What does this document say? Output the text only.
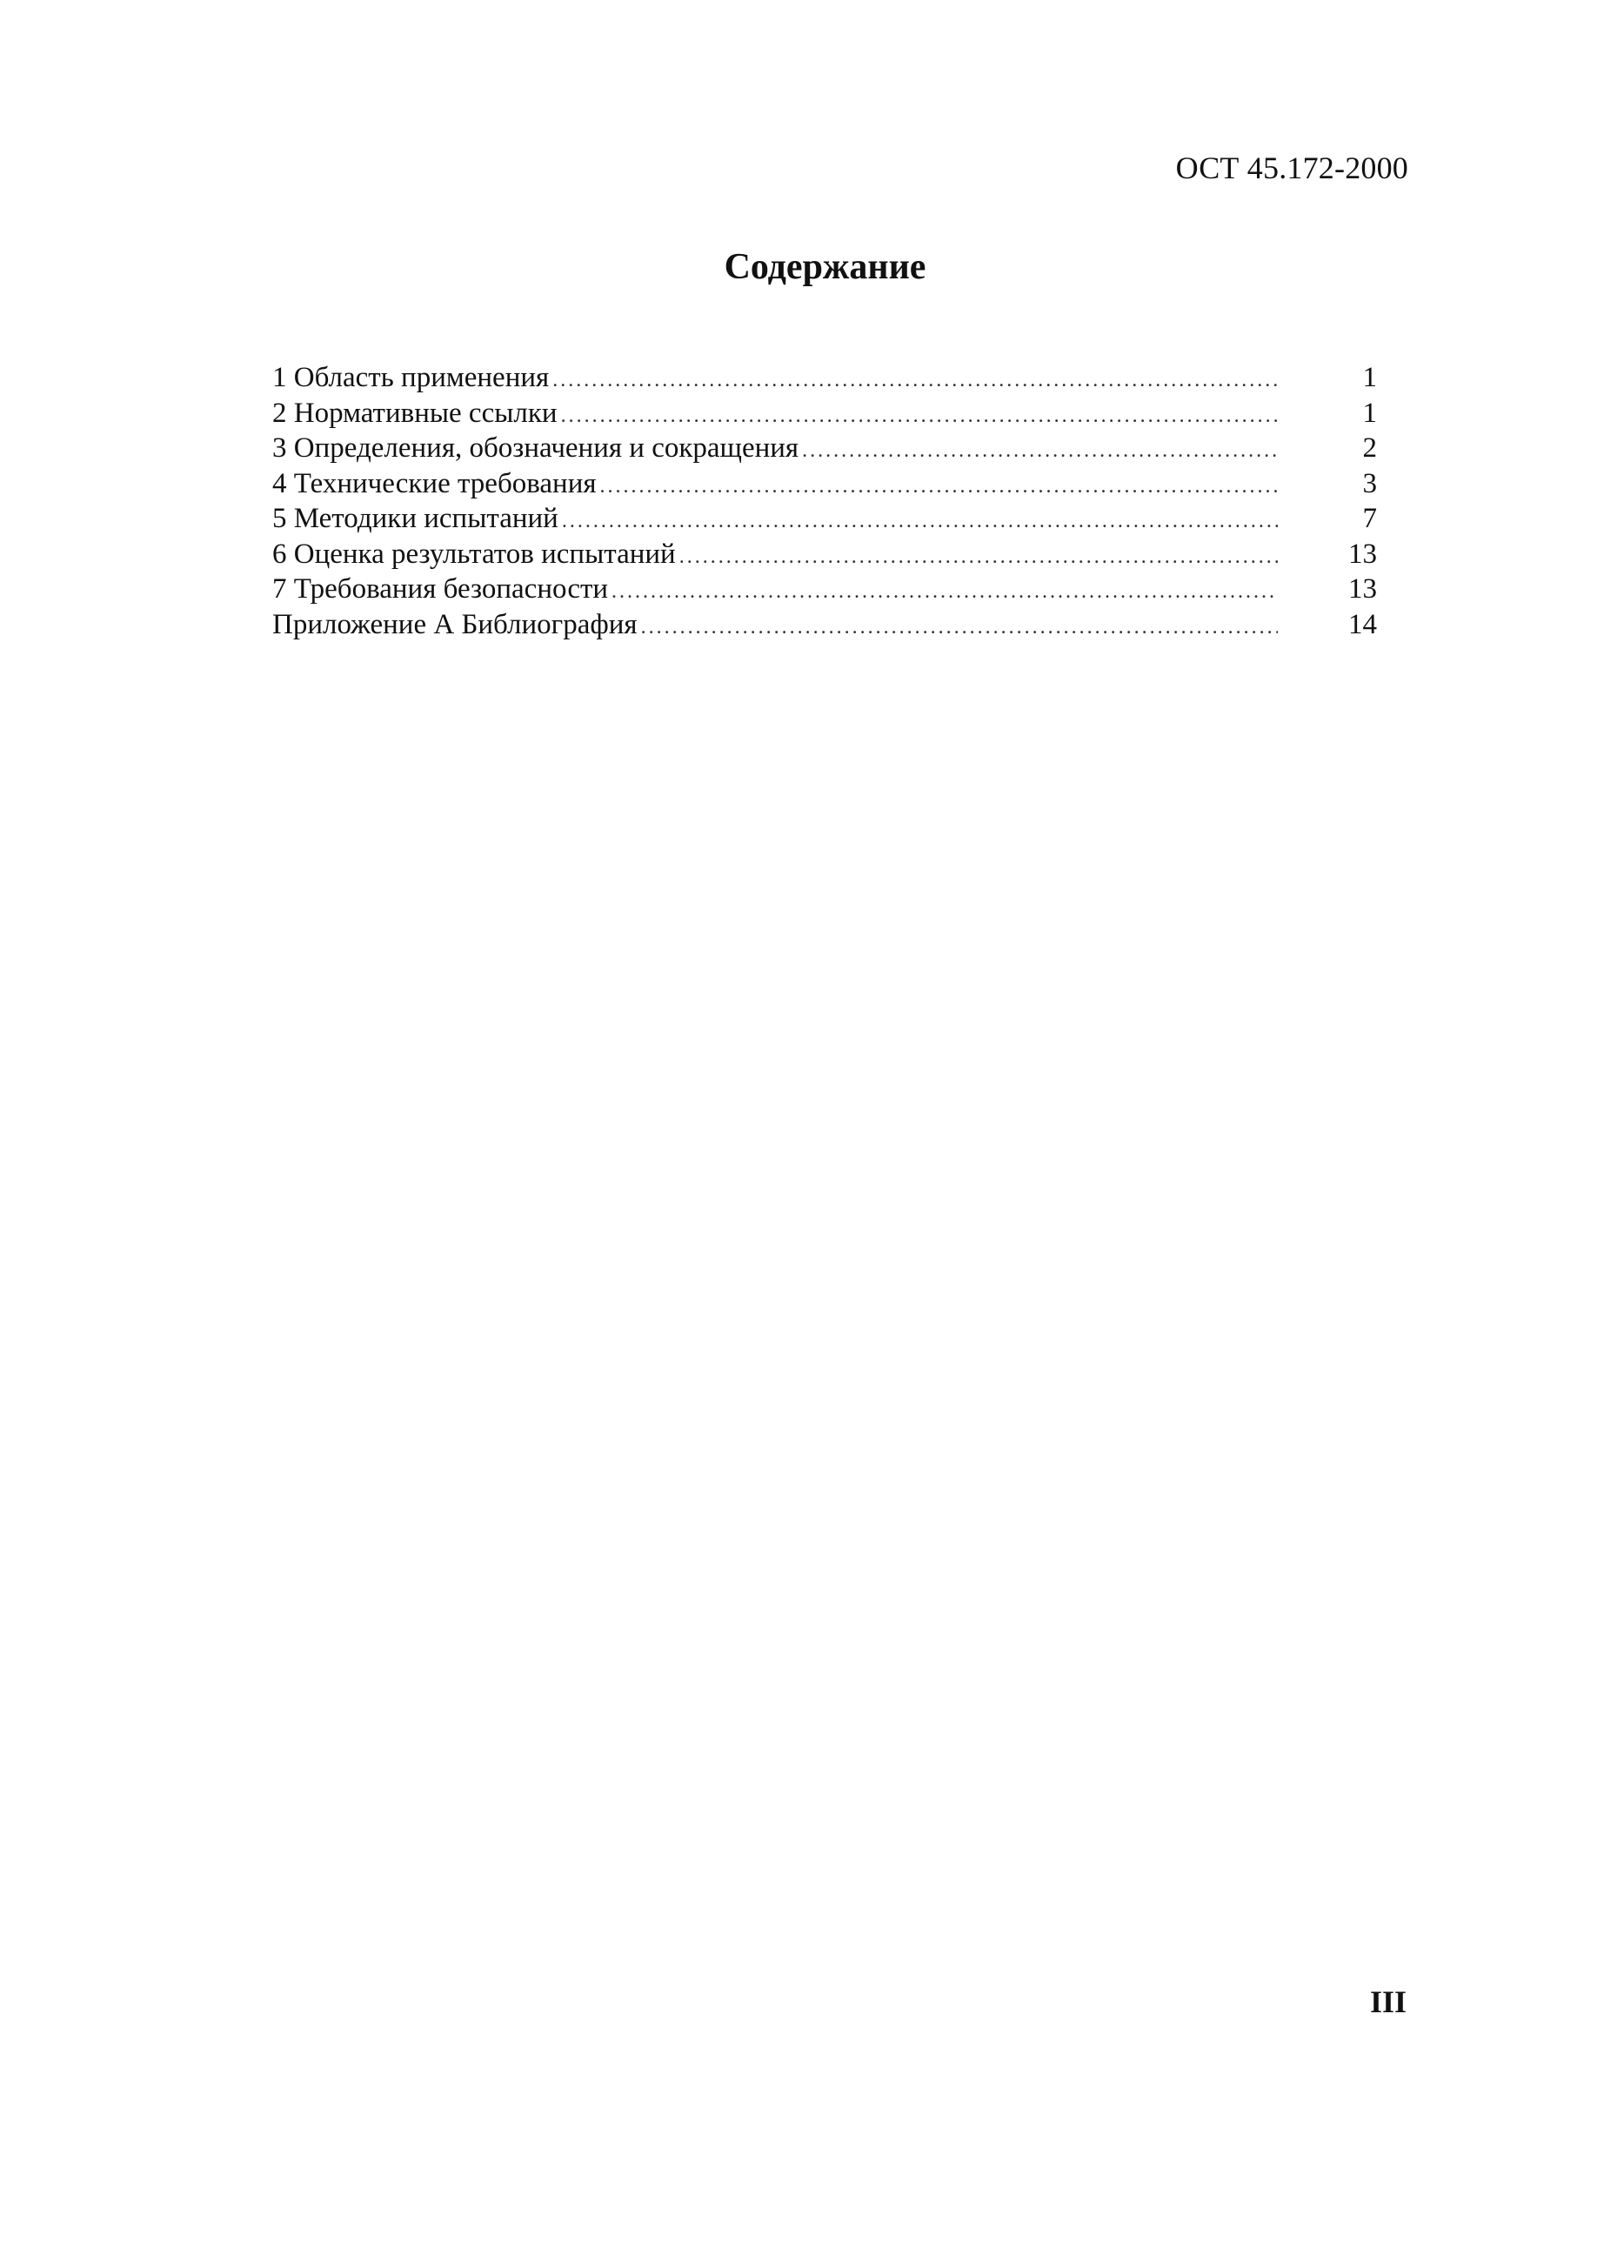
ОСТ 45.172-2000
Содержание
1 Область применения .....	1
2 Нормативные ссылки .....	1
3 Определения, обозначения и сокращения .....	2
4 Технические требования .....	3
5 Методики испытаний .....	7
6 Оценка результатов испытаний .....	13
7 Требования безопасности .....	13
Приложение А Библиография .....	14
III
